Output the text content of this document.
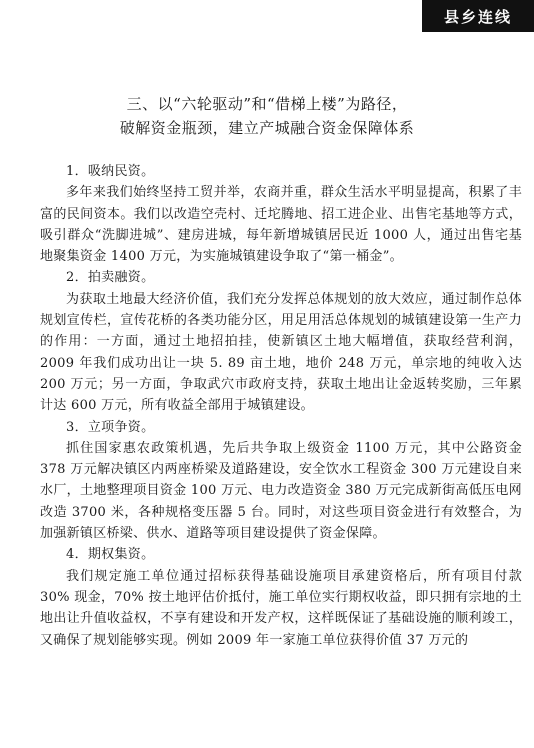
县乡连线
三、以“六轮驱动”和“借梯上楼”为路径，
破解资金瓶颈，建立产城融合资金保障体系

1．吸纳民资。

多年来我们始终坚持工贸并举，农商并重，群众生活水平明显提高，积累了丰富的民间资本。我们以改造空壳村、迁坨腾地、招工进企业、出售宅基地等方式，吸引群众“洗脚进城”、建房进城，每年新增城镇居民近 1000 人，通过出售宅基地聚集资金 1400 万元，为实施城镇建设争取了“第一桶金”。

2．拍卖融资。

为获取土地最大经济价值，我们充分发挥总体规划的放大效应，通过制作总体规划宣传栏，宣传花桥的各类功能分区，用足用活总体规划的城镇建设第一生产力的作用：一方面，通过土地招拍挂，使新镇区土地大幅增值，获取经营利润，2009 年我们成功出让一块 5. 89 亩土地，地价 248 万元，单宗地的纯收入达 200 万元；另一方面，争取武穴市政府支持，获取土地出让金返转奖励，三年累计达 600 万元，所有收益全部用于城镇建设。

3．立项争资。

抓住国家惠农政策机遇，先后共争取上级资金 1100 万元，其中公路资金 378 万元解决镇区内两座桥梁及道路建设，安全饮水工程资金 300 万元建设自来水厂，土地整理项目资金 100 万元、电力改造资金 380 万元完成新街高低压电网改造 3700 米，各种规格变压器 5 台。同时，对这些项目资金进行有效整合，为加强新镇区桥梁、供水、道路等项目建设提供了资金保障。

4．期权集资。

我们规定施工单位通过招标获得基础设施项目承建资格后，所有项目付款 30% 现金，70% 按土地评估价抵付，施工单位实行期权收益，即只拥有宗地的土地出让升值收益权，不享有建设和开发产权，这样既保证了基础设施的顺利竣工，又确保了规划能够实现。例如 2009 年一家施工单位获得价值 37 万元的
